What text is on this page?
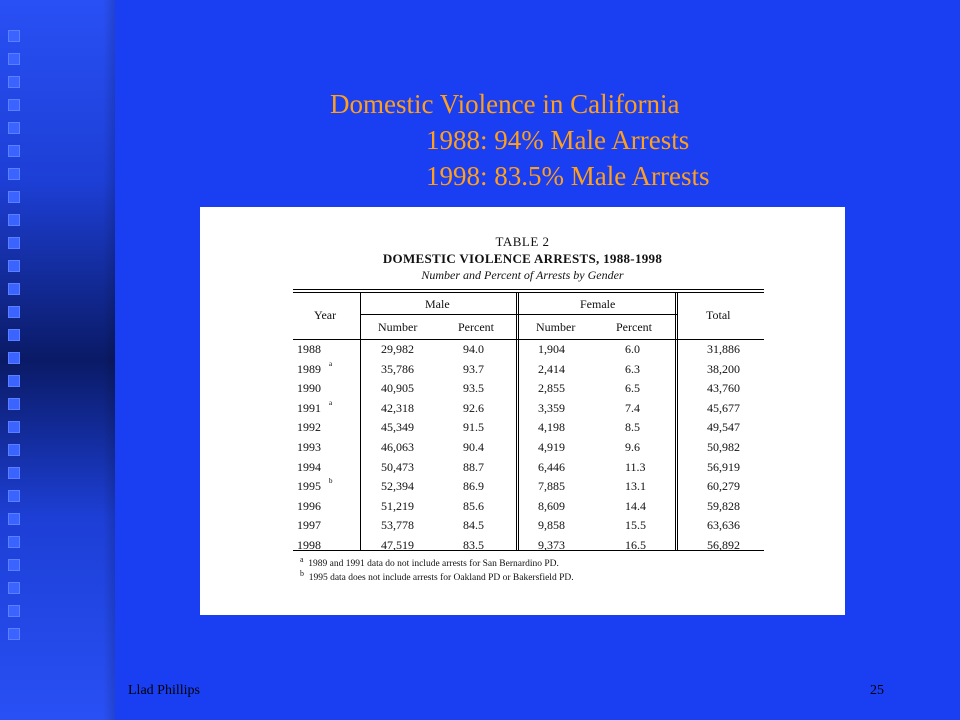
Domestic Violence in California
1988: 94% Male Arrests
1998: 83.5% Male Arrests
TABLE 2
DOMESTIC VIOLENCE ARRESTS, 1988-1998
Number and Percent of Arrests by Gender
Year
Male	Female
Total
Number	Percent	Number	Percent
1988	29,982	94.0	1,904	6.0	31,886
1989 a	35,786	93.7	2,414	6.3	38,200
1990	40,905	93.5	2,855	6.5	43,760
1991 a	42,318	92.6	3,359	7.4	45,677
1992	45,349	91.5	4,198	8.5	49,547
1993	46,063	90.4	4,919	9.6	50,982
1994	50,473	88.7	6,446	11.3	56,919
1995 b	52,394	86.9	7,885	13.1	60,279
1996	51,219	85.6	8,609	14.4	59,828
1997	53,778	84.5	9,858	15.5	63,636
1998	47,519	83.5	9,373	16.5	56,892
$^a$ 1989 and 1991 data do not include arrests for San Bernardino PD.
$^b$ 1995 data does not include arrests for Oakland PD or Bakersfield PD.
Llad Phillips	25
